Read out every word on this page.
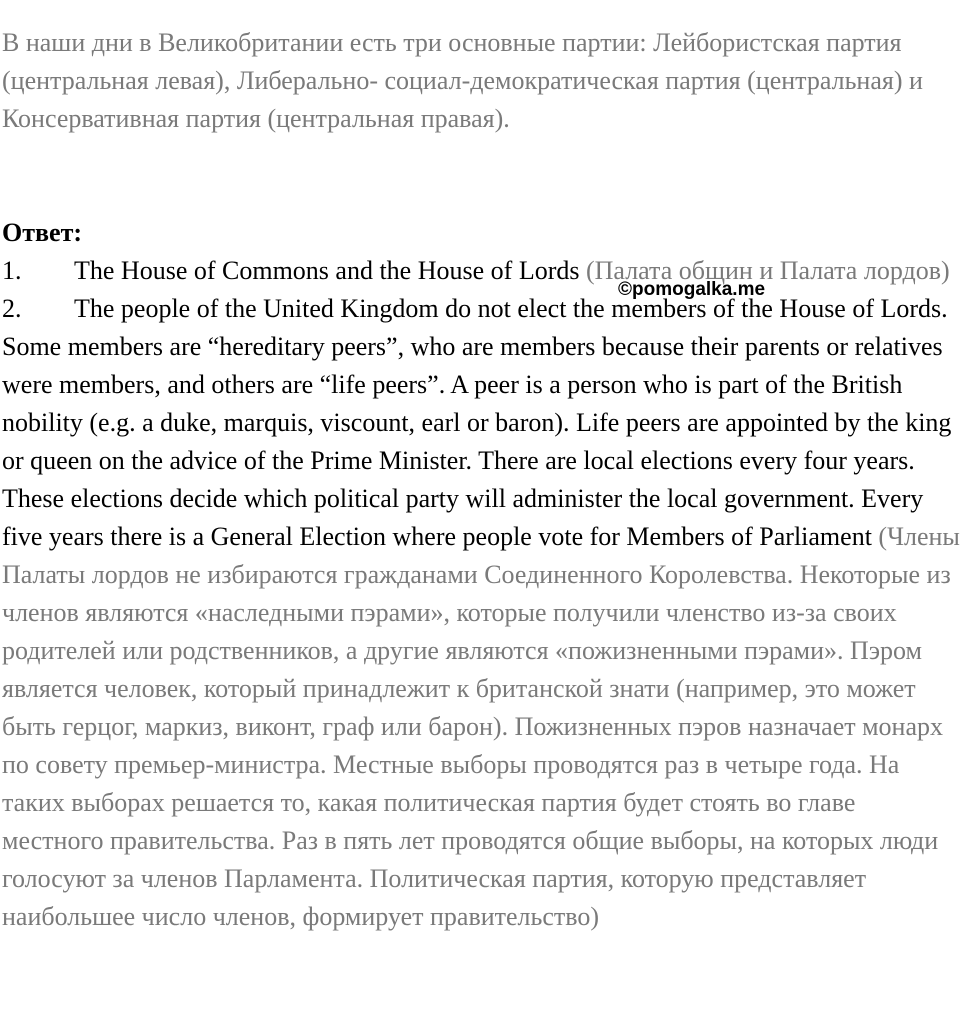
В наши дни в Великобритании есть три основные партии: Лейбористская партия (центральная левая), Либерально- социал-демократическая партия (центральная) и Консервативная партия (центральная правая).

Ответ:

1. The House of Commons and the House of Lords (Палата общин и Палата лордов)

2. The people of the United Kingdom do not elect the members of the House of Lords. Some members are “hereditary peers”, who are members because their parents or relatives were members, and others are “life peers”. A peer is a person who is part of the British nobility (e.g. a duke, marquis, viscount, earl or baron). Life peers are appointed by the king or queen on the advice of the Prime Minister. There are local elections every four years. These elections decide which political party will administer the local government. Every five years there is a General Election where people vote for Members of Parliament (Члены Палаты лордов не избираются гражданами Соединенного Королевства. Некоторые из членов являются «наследными пэрами», которые получили членство из-за своих родителей или родственников, а другие являются «пожизненными пэрами». Пэром является человек, который принадлежит к британской знати (например, это может быть герцог, маркиз, виконт, граф или барон). Пожизненных пэров назначает монарх по совету премьер-министра. Местные выборы проводятся раз в четыре года. На таких выборах решается то, какая политическая партия будет стоять во главе местного правительства. Раз в пять лет проводятся общие выборы, на которых люди голосуют за членов Парламента. Политическая партия, которую представляет наибольшее число членов, формирует правительство)

©pomogalka.me
